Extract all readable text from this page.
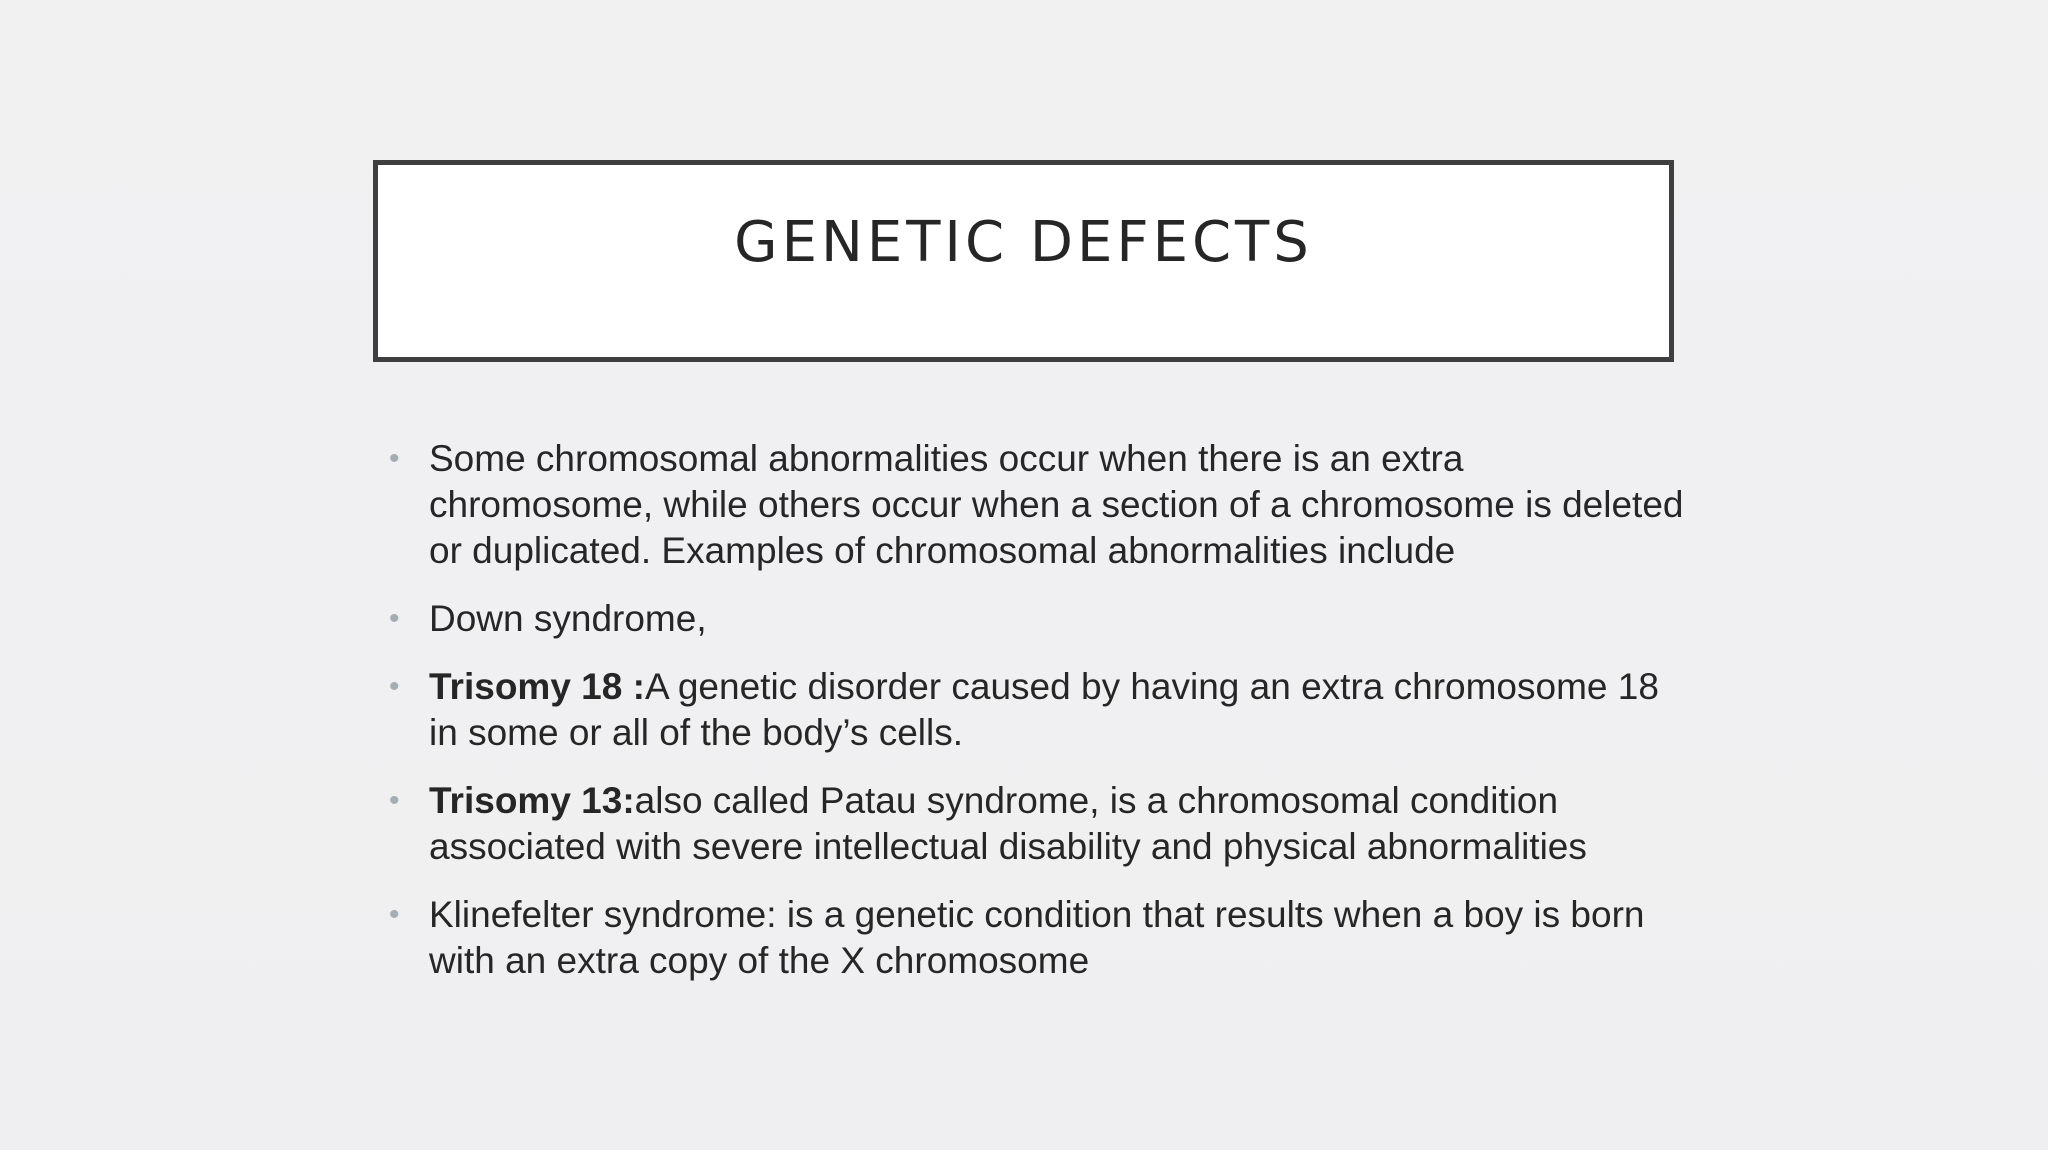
GENETIC DEFECTS
• Some chromosomal abnormalities occur when there is an extra chromosome, while others occur when a section of a chromosome is deleted or duplicated. Examples of chromosomal abnormalities include
• Down syndrome,
• Trisomy 18 :A genetic disorder caused by having an extra chromosome 18 in some or all of the body’s cells.
• Trisomy 13:also called Patau syndrome, is a chromosomal condition associated with severe intellectual disability and physical abnormalities
• Klinefelter syndrome: is a genetic condition that results when a boy is born with an extra copy of the X chromosome
